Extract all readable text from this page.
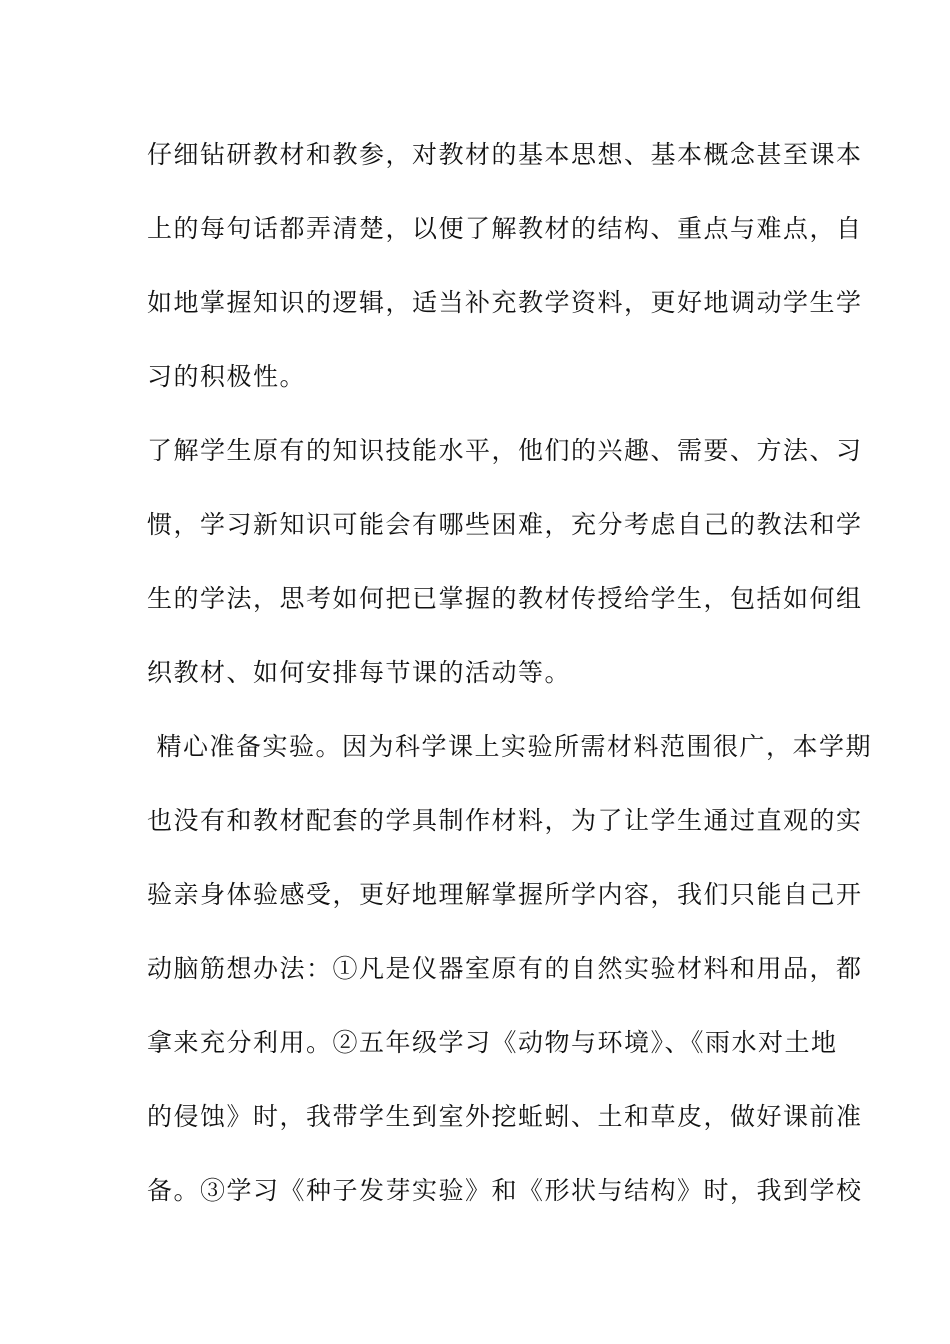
仔细钻研教材和教参，对教材的基本思想、基本概念甚至课本
上的每句话都弄清楚，以便了解教材的结构、重点与难点，自
如地掌握知识的逻辑，适当补充教学资料，更好地调动学生学
习的积极性。
了解学生原有的知识技能水平，他们的兴趣、需要、方法、习
惯，学习新知识可能会有哪些困难，充分考虑自己的教法和学
生的学法，思考如何把已掌握的教材传授给学生，包括如何组
织教材、如何安排每节课的活动等。
精心准备实验。因为科学课上实验所需材料范围很广，本学期
也没有和教材配套的学具制作材料，为了让学生通过直观的实
验亲身体验感受，更好地理解掌握所学内容，我们只能自己开
动脑筋想办法：①凡是仪器室原有的自然实验材料和用品，都
拿来充分利用。②五年级学习《动物与环境》、《雨水对土地
的侵蚀》时，我带学生到室外挖蚯蚓、土和草皮，做好课前准
备。③学习《种子发芽实验》和《形状与结构》时，我到学校
